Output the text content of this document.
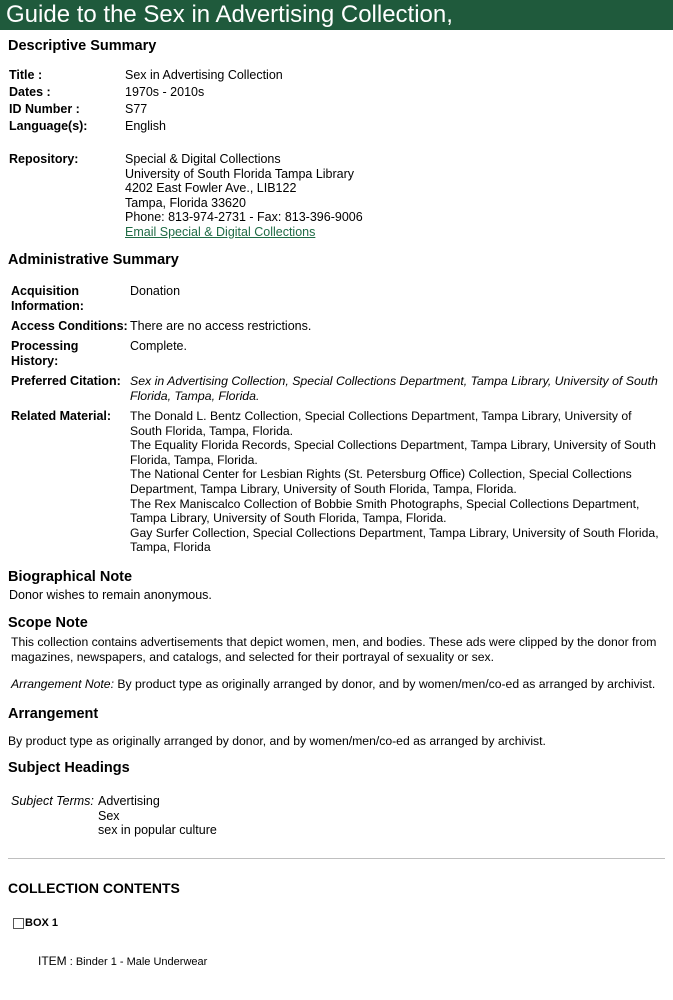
Guide to the Sex in Advertising Collection,
Descriptive Summary
Title :	Sex in Advertising Collection
Dates :	1970s - 2010s
ID Number :	S77
Language(s):	English
Repository:	Special & Digital Collections
University of South Florida Tampa Library
4202 East Fowler Ave., LIB122
Tampa, Florida 33620
Phone: 813-974-2731 - Fax: 813-396-9006
Email Special & Digital Collections
Administrative Summary
Acquisition Information:
Donation
Access Conditions: There are no access restrictions.
Processing History:
Complete.
Preferred Citation: Sex in Advertising Collection, Special Collections Department, Tampa Library, University of South Florida, Tampa, Florida.
Related Material: The Donald L. Bentz Collection, Special Collections Department, Tampa Library, University of South Florida, Tampa, Florida.
The Equality Florida Records, Special Collections Department, Tampa Library, University of South Florida, Tampa, Florida.
The National Center for Lesbian Rights (St. Petersburg Office) Collection, Special Collections Department, Tampa Library, University of South Florida, Tampa, Florida.
The Rex Maniscalco Collection of Bobbie Smith Photographs, Special Collections Department, Tampa Library, University of South Florida, Tampa, Florida.
Gay Surfer Collection, Special Collections Department, Tampa Library, University of South Florida, Tampa, Florida
Biographical Note
Donor wishes to remain anonymous.
Scope Note
This collection contains advertisements that depict women, men, and bodies. These ads were clipped by the donor from magazines, newspapers, and catalogs, and selected for their portrayal of sexuality or sex.
Arrangement Note: By product type as originally arranged by donor, and by women/men/co-ed as arranged by archivist.
Arrangement
By product type as originally arranged by donor, and by women/men/co-ed as arranged by archivist.
Subject Headings
Subject Terms: Advertising
Sex
sex in popular culture
COLLECTION CONTENTS
BOX 1
ITEM : Binder 1 - Male Underwear
